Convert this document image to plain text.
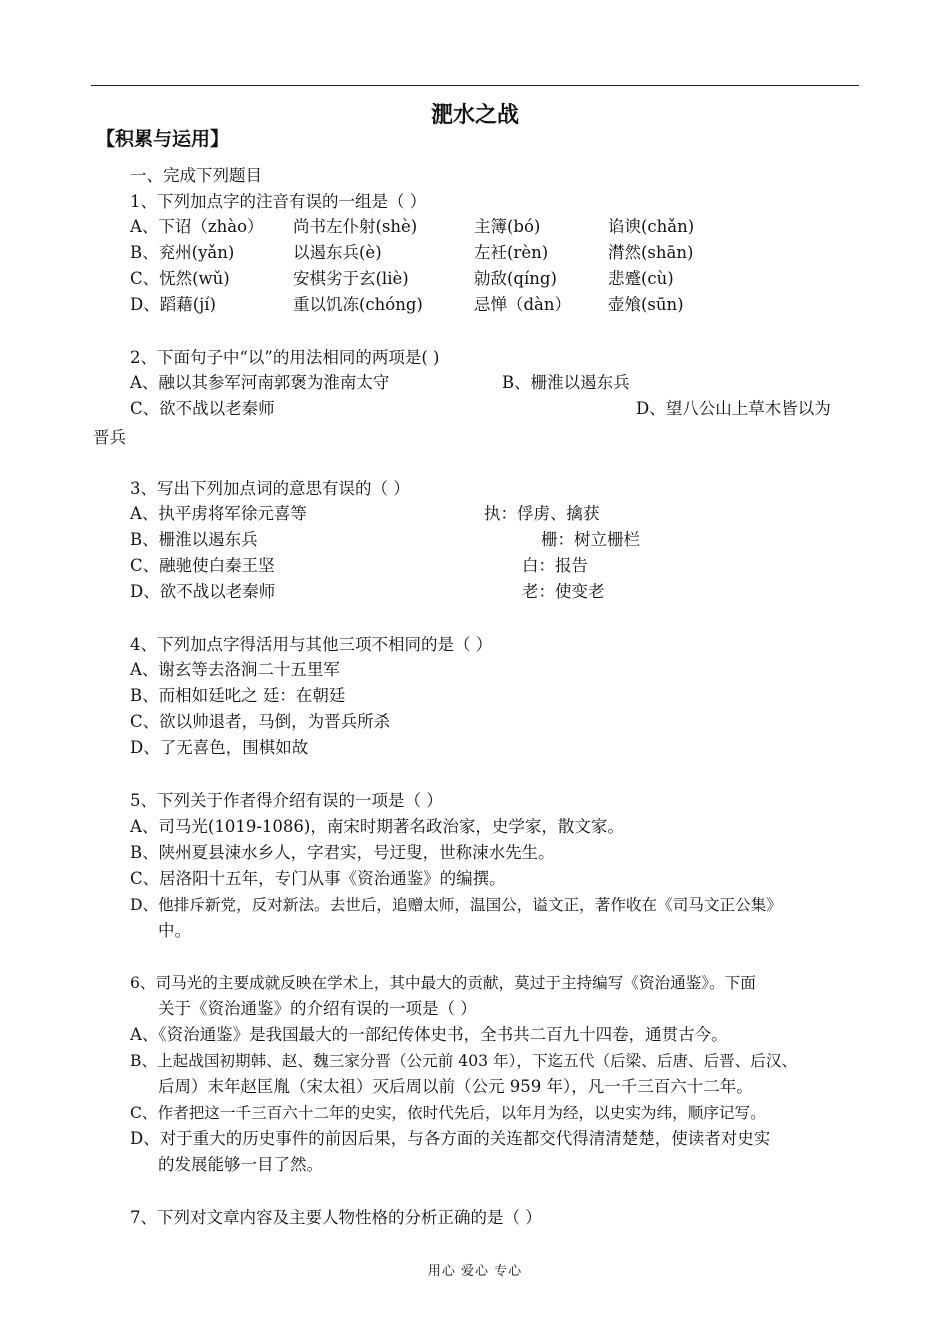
淝水之战
【积累与运用】
一、完成下列题目
1、下列加点字的注音有误的一组是（ ）
A、下诏（zhào） 尚书左仆射(shè)	主簿(bó)	谄谀(chǎn)
B、兖州(yǎn)	以遏东兵(è)	左衽(rèn)	潸然(shān)
C、怃然(wǔ)	安棋劣于玄(liè)	勍敌(qíng)	悲蹙(cù)
D、蹈藉(jí)	重以饥冻(chóng)	忌惮（dàn） 壶飧(sūn)
2、下面句子中“以”的用法相同的两项是( )
A、融以其参军河南郭褒为淮南太守	B、栅淮以遏东兵
C、欲不战以老秦师	D、望八公山上草木皆以为
晋兵
3、写出下列加点词的意思有误的（ ）
A、执平虏将军徐元喜等	执：俘虏、擒获
B、栅淮以遏东兵	栅：树立栅栏
C、融驰使白秦王坚	白：报告
D、欲不战以老秦师	老：使变老
4、下列加点字得活用与其他三项不相同的是（ ）
A、谢玄等去洛涧二十五里军
B、而相如廷叱之 廷：在朝廷
C、欲以帅退者，马倒，为晋兵所杀
D、了无喜色，围棋如故
5、下列关于作者得介绍有误的一项是（ ）
A、司马光(1019-1086)，南宋时期著名政治家，史学家，散文家。
B、陕州夏县涑水乡人，字君实，号迂叟，世称涑水先生。
C、居洛阳十五年，专门从事《资治通鉴》的编撰。
D、他排斥新党，反对新法。去世后，追赠太师，温国公，谥文正，著作收在《司马文正公集》
中。
6、司马光的主要成就反映在学术上，其中最大的贡献，莫过于主持编写《资治通鉴》。下面
关于《资治通鉴》的介绍有误的一项是（ ）
A、《资治通鉴》是我国最大的一部纪传体史书，全书共二百九十四卷，通贯古今。
B、上起战国初期韩、赵、魏三家分晋（公元前 403 年），下迄五代（后梁、后唐、后晋、后汉、
后周）末年赵匡胤（宋太祖）灭后周以前（公元 959 年），凡一千三百六十二年。
C、作者把这一千三百六十二年的史实，依时代先后，以年月为经，以史实为纬，顺序记写。
D、对于重大的历史事件的前因后果，与各方面的关连都交代得清清楚楚，使读者对史实
的发展能够一目了然。
7、下列对文章内容及主要人物性格的分析正确的是（ ）
用心 爱心 专心
